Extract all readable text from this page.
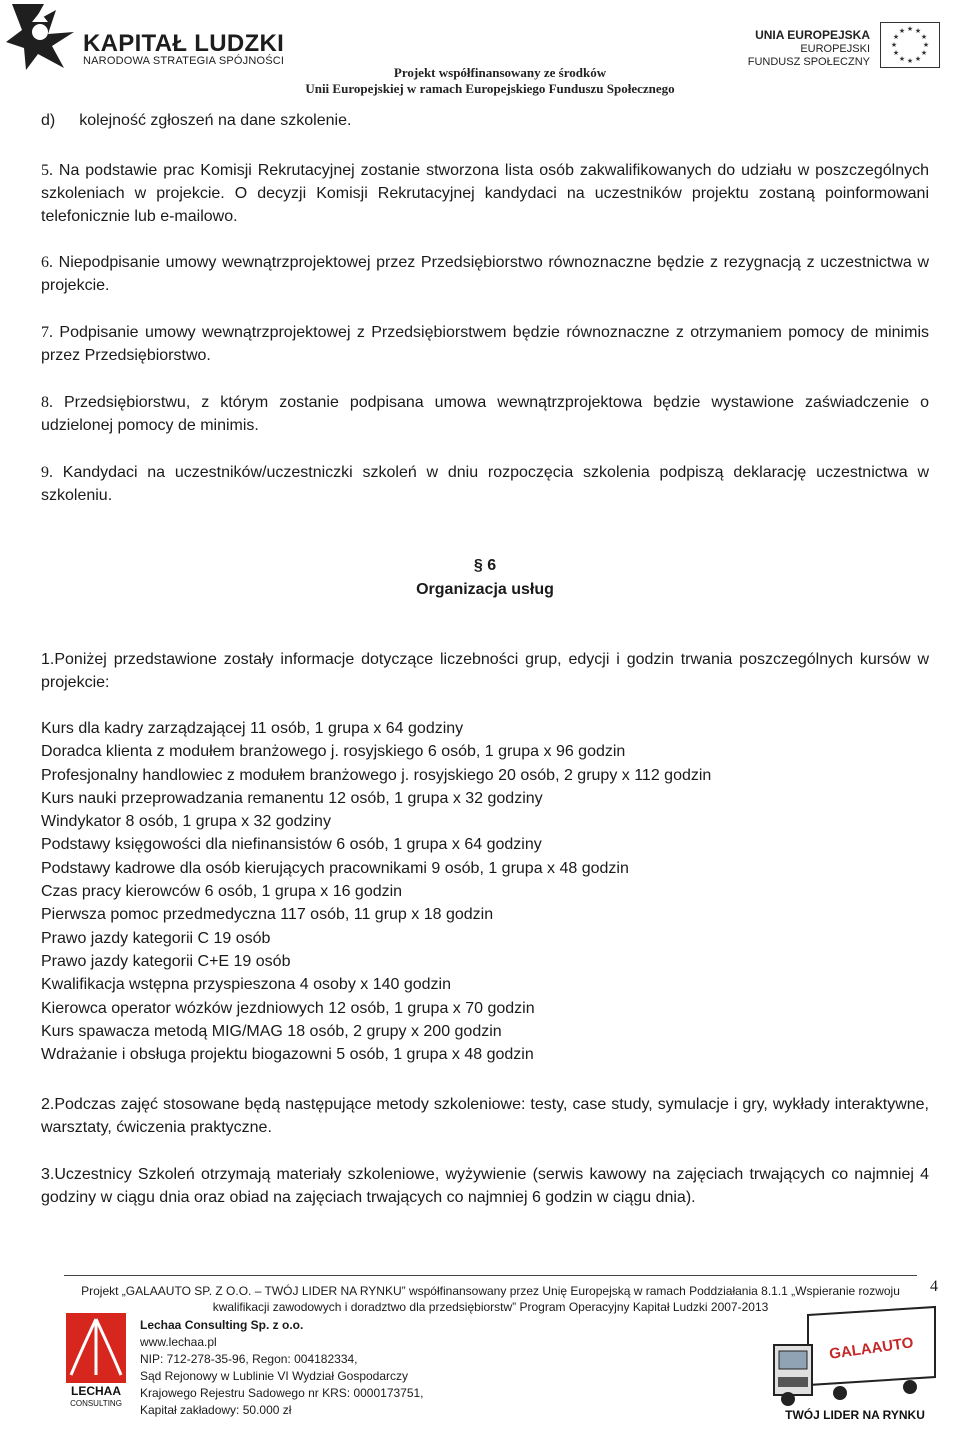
KAPITAŁ LUDZKI
NARODOWA STRATEGIA SPÓJNOŚCI
Projekt współfinansowany ze środków
Unii Europejskiej w ramach Europejskiego Funduszu Społecznego
UNIA EUROPEJSKA
EUROPEJSKI
FUNDUSZ SPOŁECZNY
★ ★
★
★
★
★
★
★
★
★
★
★
d) kolejność zgłoszeń na dane szkolenie.
5. Na podstawie prac Komisji Rekrutacyjnej zostanie stworzona lista osób zakwalifikowanych do udziału w poszczególnych szkoleniach w projekcie. O decyzji Komisji Rekrutacyjnej kandydaci na uczestników projektu zostaną poinformowani telefonicznie lub e-mailowo.
6. Niepodpisanie umowy wewnątrzprojektowej przez Przedsiębiorstwo równoznaczne będzie z rezygnacją z uczestnictwa w projekcie.
7. Podpisanie umowy wewnątrzprojektowej z Przedsiębiorstwem będzie równoznaczne z otrzymaniem pomocy de minimis przez Przedsiębiorstwo.
8. Przedsiębiorstwu, z którym zostanie podpisana umowa wewnątrzprojektowa będzie wystawione zaświadczenie o udzielonej pomocy de minimis.
9. Kandydaci na uczestników/uczestniczki szkoleń w dniu rozpoczęcia szkolenia podpiszą deklarację uczestnictwa w szkoleniu.
§ 6
Organizacja usług
1.Poniżej przedstawione zostały informacje dotyczące liczebności grup, edycji i godzin trwania poszczególnych kursów w projekcie:
Kurs dla kadry zarządzającej 11 osób, 1 grupa x 64 godziny
Doradca klienta z modułem branżowego j. rosyjskiego 6 osób, 1 grupa x 96 godzin
Profesjonalny handlowiec z modułem branżowego j. rosyjskiego 20 osób, 2 grupy x 112 godzin
Kurs nauki przeprowadzania remanentu 12 osób, 1 grupa x 32 godziny
Windykator 8 osób, 1 grupa x 32 godziny
Podstawy księgowości dla niefinansistów 6 osób, 1 grupa x 64 godziny
Podstawy kadrowe dla osób kierujących pracownikami 9 osób, 1 grupa x 48 godzin
Czas pracy kierowców 6 osób, 1 grupa x 16 godzin
Pierwsza pomoc przedmedyczna 117 osób, 11 grup x 18 godzin
Prawo jazdy kategorii C 19 osób
Prawo jazdy kategorii C+E 19 osób
Kwalifikacja wstępna przyspieszona 4 osoby x 140 godzin
Kierowca operator wózków jezdniowych 12 osób, 1 grupa x 70 godzin
Kurs spawacza metodą MIG/MAG 18 osób, 2 grupy x 200 godzin
Wdrażanie i obsługa projektu biogazowni 5 osób, 1 grupa x 48 godzin
2.Podczas zajęć stosowane będą następujące metody szkoleniowe: testy, case study, symulacje i gry, wykłady interaktywne, warsztaty, ćwiczenia praktyczne.
3.Uczestnicy Szkoleń otrzymają materiały szkoleniowe, wyżywienie (serwis kawowy na zajęciach trwających co najmniej 4 godziny w ciągu dnia oraz obiad na zajęciach trwających co najmniej 6 godzin w ciągu dnia).
Projekt „GALAAUTO SP. Z O.O. – TWÓJ LIDER NA RYNKU” współfinansowany przez Unię Europejską w ramach Poddziałania 8.1.1 „Wspieranie rozwoju
kwalifikacji zawodowych i doradztwo dla przedsiębiorstw” Program Operacyjny Kapitał Ludzki 2007-2013
4
LECHAA
CONSULTING
Lechaa Consulting Sp. z o.o.
www.lechaa.pl
NIP: 712-278-35-96, Regon: 004182334,
Sąd Rejonowy w Lublinie VI Wydział Gospodarczy
Krajowego Rejestru Sadowego nr KRS: 0000173751,
Kapitał zakładowy: 50.000 zł
GALAAUTO
TWÓJ LIDER NA RYNKU
